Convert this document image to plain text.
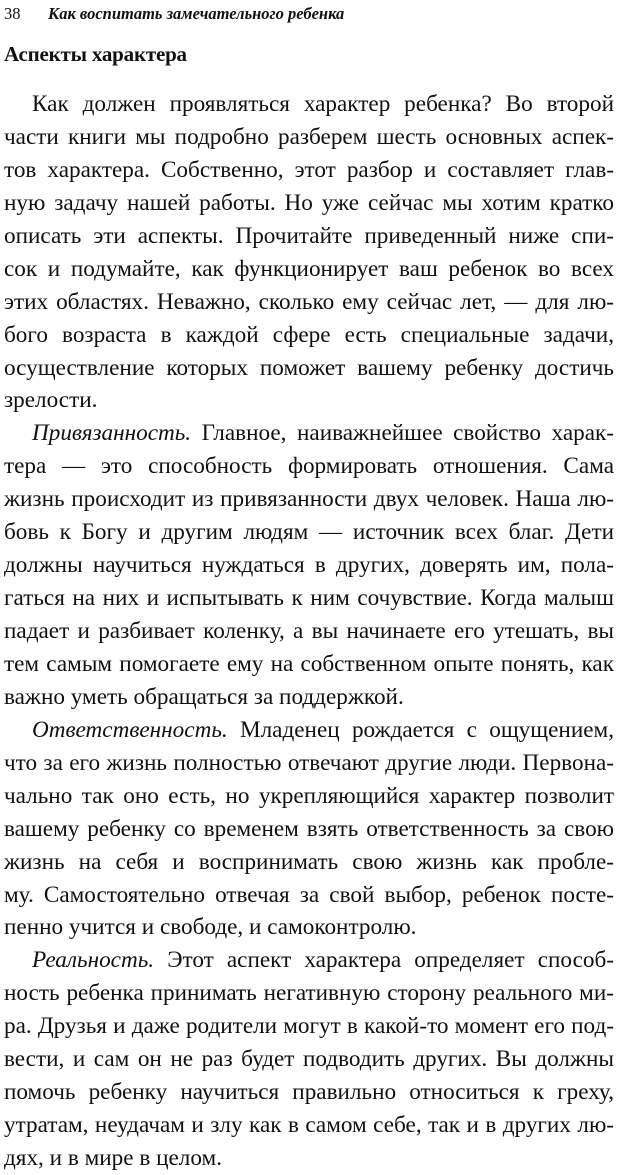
38 Как воспитать замечательного ребенка
Аспекты характера
Как должен проявляться характер ребенка? Во второй
части книги мы подробно разберем шесть основных аспек-
тов характера. Собственно, этот разбор и составляет глав-
ную задачу нашей работы. Но уже сейчас мы хотим кратко
описать эти аспекты. Прочитайте приведенный ниже спи-
сок и подумайте, как функционирует ваш ребенок во всех
этих областях. Неважно, сколько ему сейчас лет, — для лю-
бого возраста в каждой сфере есть специальные задачи,
осуществление которых поможет вашему ребенку достичь
зрелости.
Привязанность. Главное, наиважнейшее свойство харак-
тера — это способность формировать отношения. Сама
жизнь происходит из привязанности двух человек. Наша лю-
бовь к Богу и другим людям — источник всех благ. Дети
должны научиться нуждаться в других, доверять им, пола-
гаться на них и испытывать к ним сочувствие. Когда малыш
падает и разбивает коленку, а вы начинаете его утешать, вы
тем самым помогаете ему на собственном опыте понять, как
важно уметь обращаться за поддержкой.
Ответственность. Младенец рождается с ощущением,
что за его жизнь полностью отвечают другие люди. Первона-
чально так оно есть, но укрепляющийся характер позволит
вашему ребенку со временем взять ответственность за свою
жизнь на себя и воспринимать свою жизнь как пробле-
му. Самостоятельно отвечая за свой выбор, ребенок посте-
пенно учится и свободе, и самоконтролю.
Реальность. Этот аспект характера определяет способ-
ность ребенка принимать негативную сторону реального ми-
ра. Друзья и даже родители могут в какой-то момент его под-
вести, и сам он не раз будет подводить других. Вы должны
помочь ребенку научиться правильно относиться к греху,
утратам, неудачам и злу как в самом себе, так и в других лю-
дях, и в мире в целом.
